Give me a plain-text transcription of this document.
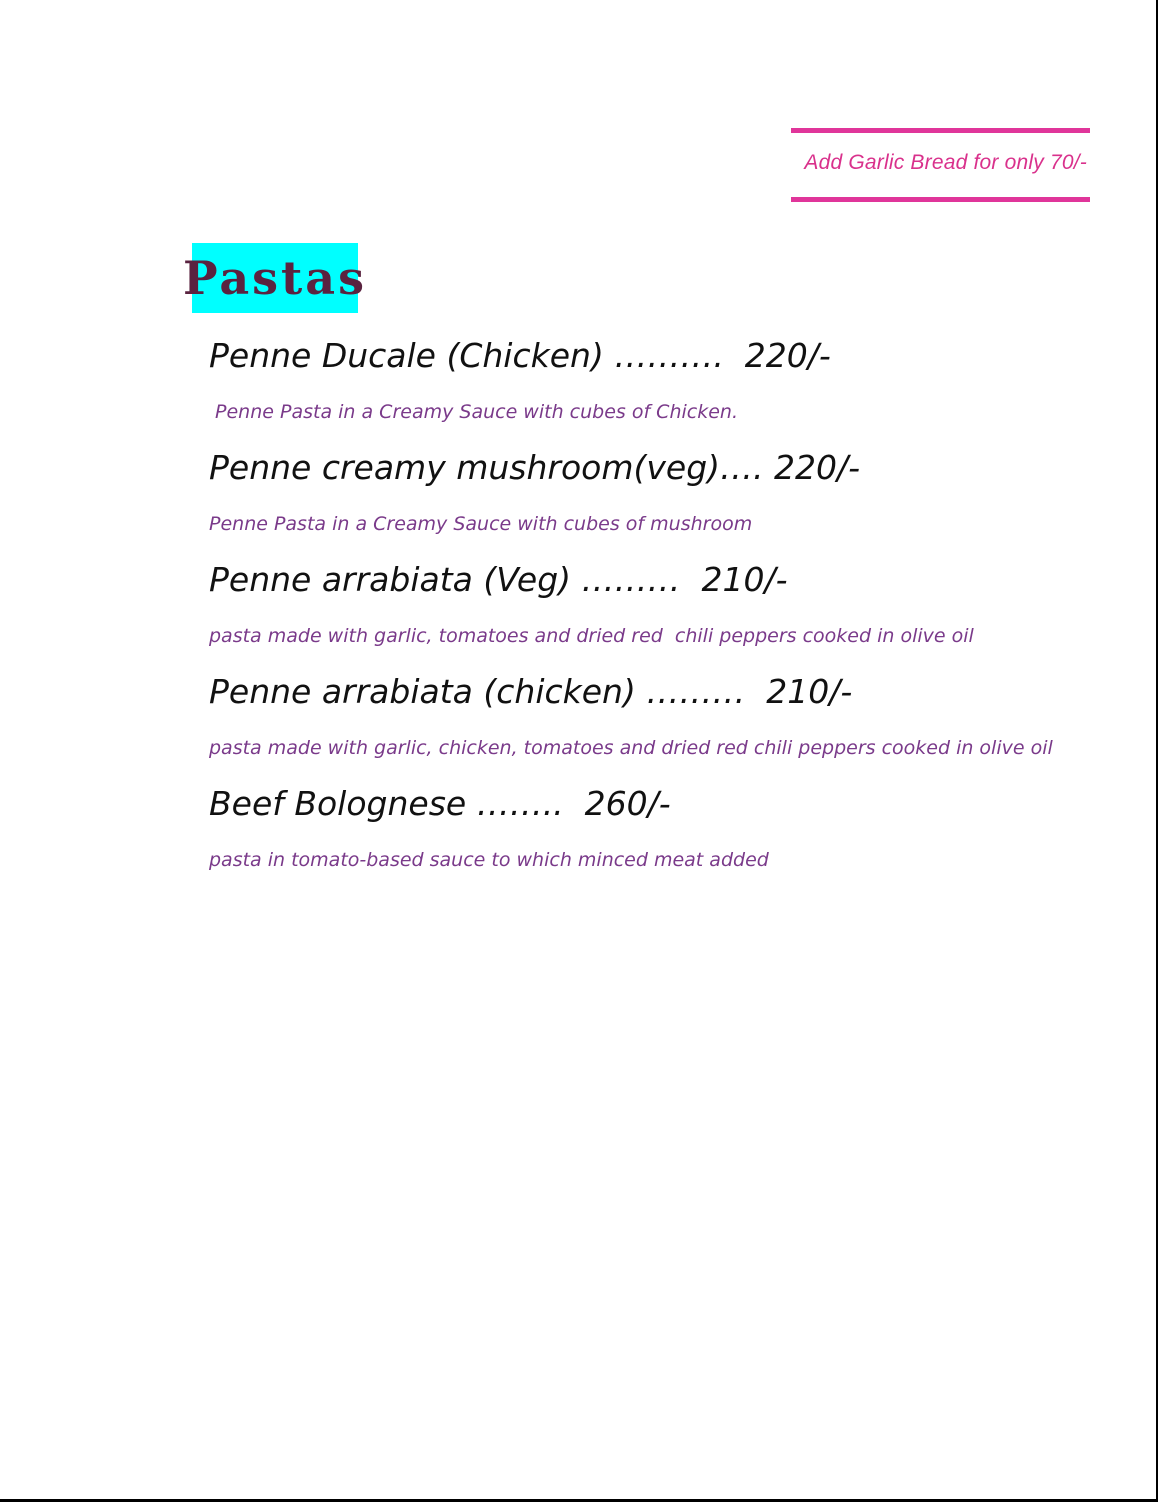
Add Garlic Bread for only 70/-
Pastas
Penne Ducale (Chicken) ……….  220/-
Penne Pasta in a Creamy Sauce with cubes of Chicken.
Penne creamy mushroom(veg)…. 220/-
Penne Pasta in a Creamy Sauce with cubes of mushroom
Penne arrabiata (Veg) ………  210/-
pasta made with garlic, tomatoes and dried red  chili peppers cooked in olive oil
Penne arrabiata (chicken) ………  210/-
pasta made with garlic, chicken, tomatoes and dried red chili peppers cooked in olive oil
Beef Bolognese ……..  260/-
pasta in tomato-based sauce to which minced meat added
